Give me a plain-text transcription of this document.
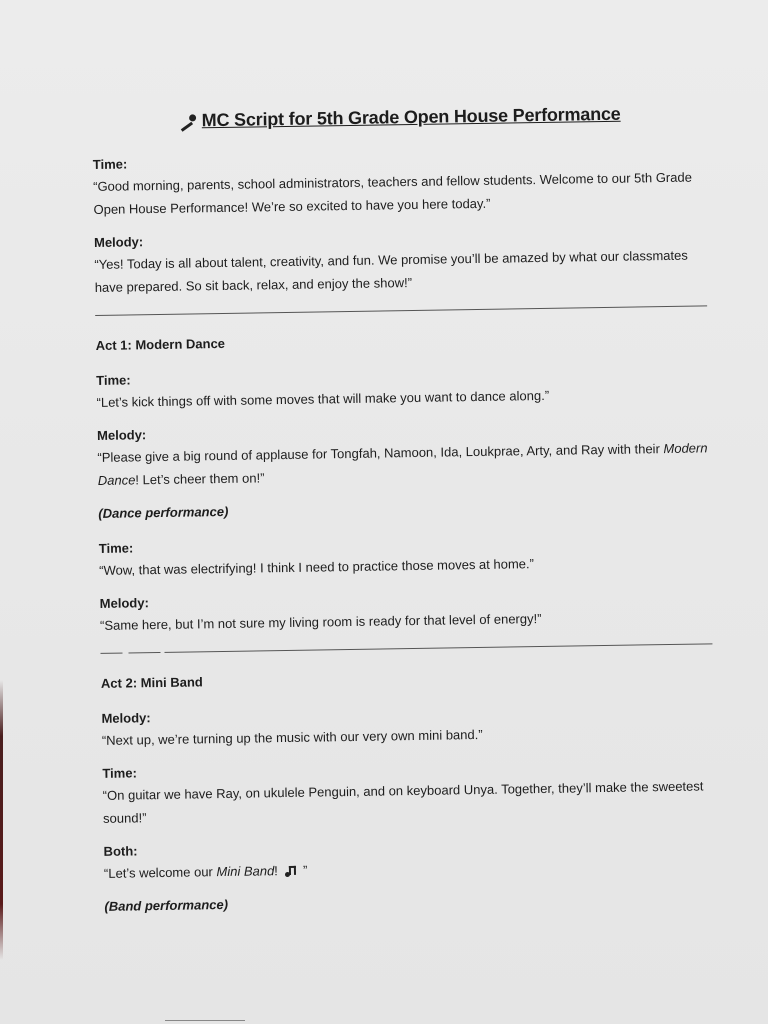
MC Script for 5th Grade Open House Performance

Time:

“Good morning, parents, school administrators, teachers and fellow students. Welcome to our 5th Grade Open House Performance! We’re so excited to have you here today.”

Melody:

“Yes! Today is all about talent, creativity, and fun. We promise you’ll be amazed by what our classmates have prepared. So sit back, relax, and enjoy the show!”

Act 1: Modern Dance

Time:

“Let’s kick things off with some moves that will make you want to dance along.”

Melody:

“Please give a big round of applause for Tongfah, Namoon, Ida, Loukprae, Arty, and Ray with their Modern Dance! Let’s cheer them on!”

(Dance performance)

Time:

“Wow, that was electrifying! I think I need to practice those moves at home.”

Melody:

“Same here, but I’m not sure my living room is ready for that level of energy!”

Act 2: Mini Band

Melody:

“Next up, we’re turning up the music with our very own mini band.”

Time:

“On guitar we have Ray, on ukulele Penguin, and on keyboard Unya. Together, they’ll make the sweetest sound!”

Both:

“Let’s welcome our Mini Band!
”

(Band performance)
